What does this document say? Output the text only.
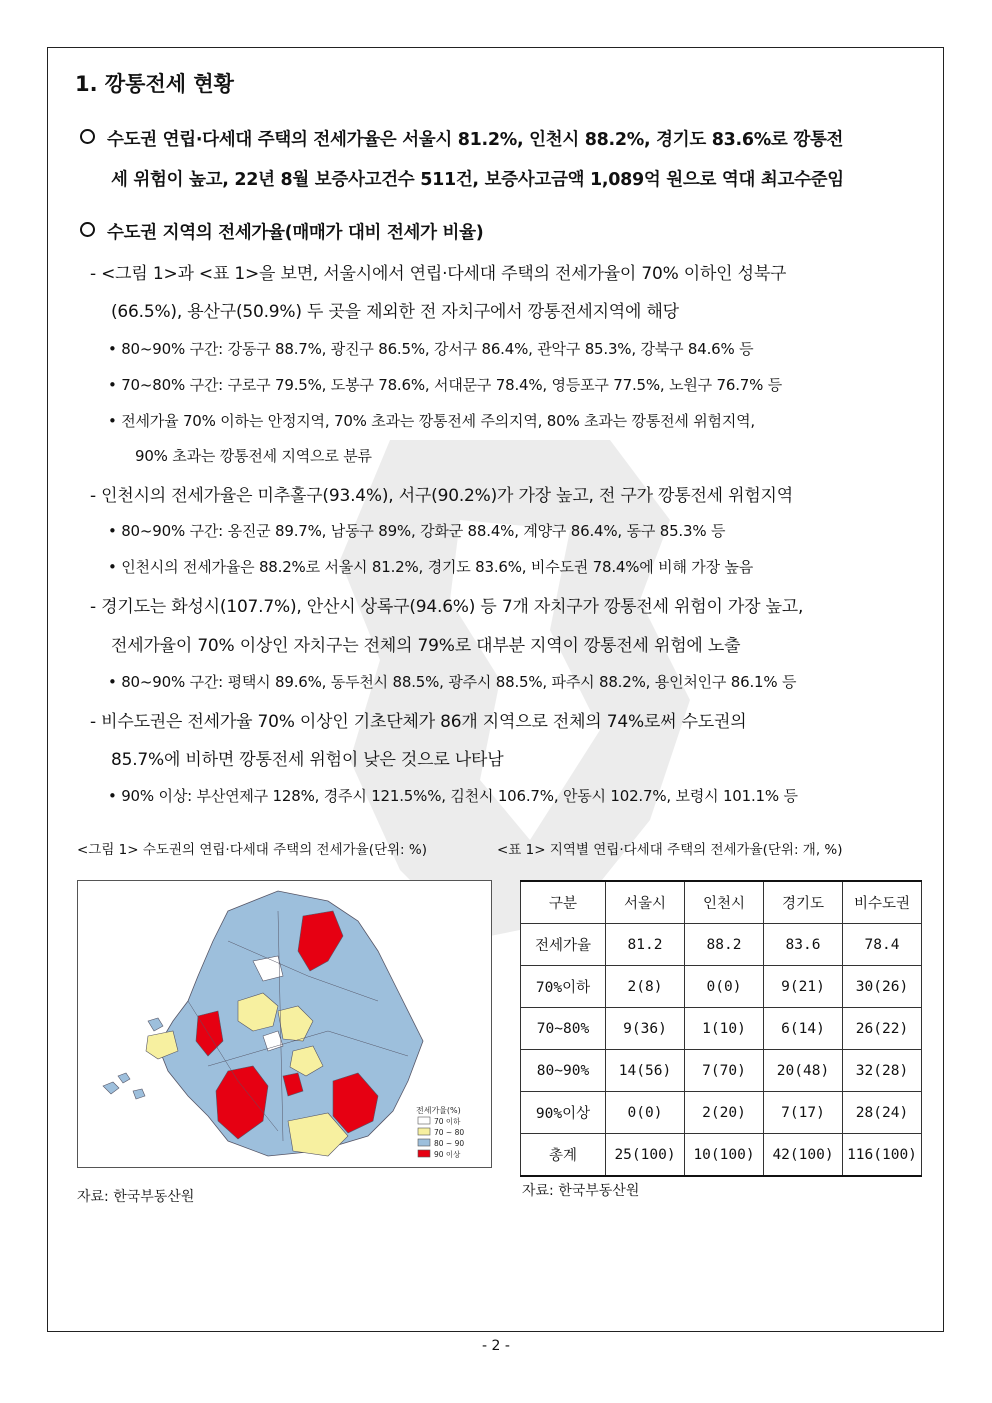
1. 깡통전세 현황
수도권 연립·다세대 주택의 전세가율은 서울시 81.2%, 인천시 88.2%, 경기도 83.6%로 깡통전
세 위험이 높고, 22년 8월 보증사고건수 511건, 보증사고금액 1,089억 원으로 역대 최고수준임
수도권 지역의 전세가율(매매가 대비 전세가 비율)
- <그림 1>과 <표 1>을 보면, 서울시에서 연립·다세대 주택의 전세가율이 70% 이하인 성북구
(66.5%), 용산구(50.9%) 두 곳을 제외한 전 자치구에서 깡통전세지역에 해당
• 80~90% 구간: 강동구 88.7%, 광진구 86.5%, 강서구 86.4%, 관악구 85.3%, 강북구 84.6% 등
• 70~80% 구간: 구로구 79.5%, 도봉구 78.6%, 서대문구 78.4%, 영등포구 77.5%, 노원구 76.7% 등
• 전세가율 70% 이하는 안정지역, 70% 초과는 깡통전세 주의지역, 80% 초과는 깡통전세 위험지역,
90% 초과는 깡통전세 지역으로 분류
- 인천시의 전세가율은 미추홀구(93.4%), 서구(90.2%)가 가장 높고, 전 구가 깡통전세 위험지역
• 80~90% 구간: 옹진군 89.7%, 남동구 89%, 강화군 88.4%, 계양구 86.4%, 동구 85.3% 등
• 인천시의 전세가율은 88.2%로 서울시 81.2%, 경기도 83.6%, 비수도권 78.4%에 비해 가장 높음
- 경기도는 화성시(107.7%), 안산시 상록구(94.6%) 등 7개 자치구가 깡통전세 위험이 가장 높고,
전세가율이 70% 이상인 자치구는 전체의 79%로 대부분 지역이 깡통전세 위험에 노출
• 80~90% 구간: 평택시 89.6%, 동두천시 88.5%, 광주시 88.5%, 파주시 88.2%, 용인처인구 86.1% 등
- 비수도권은 전세가율 70% 이상인 기초단체가 86개 지역으로 전체의 74%로써 수도권의
85.7%에 비하면 깡통전세 위험이 낮은 것으로 나타남
• 90% 이상: 부산연제구 128%, 경주시 121.5%%, 김천시 106.7%, 안동시 102.7%, 보령시 101.1% 등
<그림 1> 수도권의 연립·다세대 주택의 전세가율(단위: %)	<표 1> 지역별 연립·다세대 주택의 전세가율(단위: 개, %)
전세가율(%)
70 이하
70 ~ 80
80 ~ 90
90 이상
자료: 한국부동산원
구분	서울시	인천시	경기도	비수도권
전세가율	81.2	88.2	83.6	78.4
70%이하	2(8)	0(0)	9(21)	30(26)
70~80%	9(36)	1(10)	6(14)	26(22)
80~90%	14(56)	7(70)	20(48)	32(28)
90%이상	0(0)	2(20)	7(17)	28(24)
총계	25(100)	10(100)	42(100)	116(100)
자료: 한국부동산원
- 2 -
